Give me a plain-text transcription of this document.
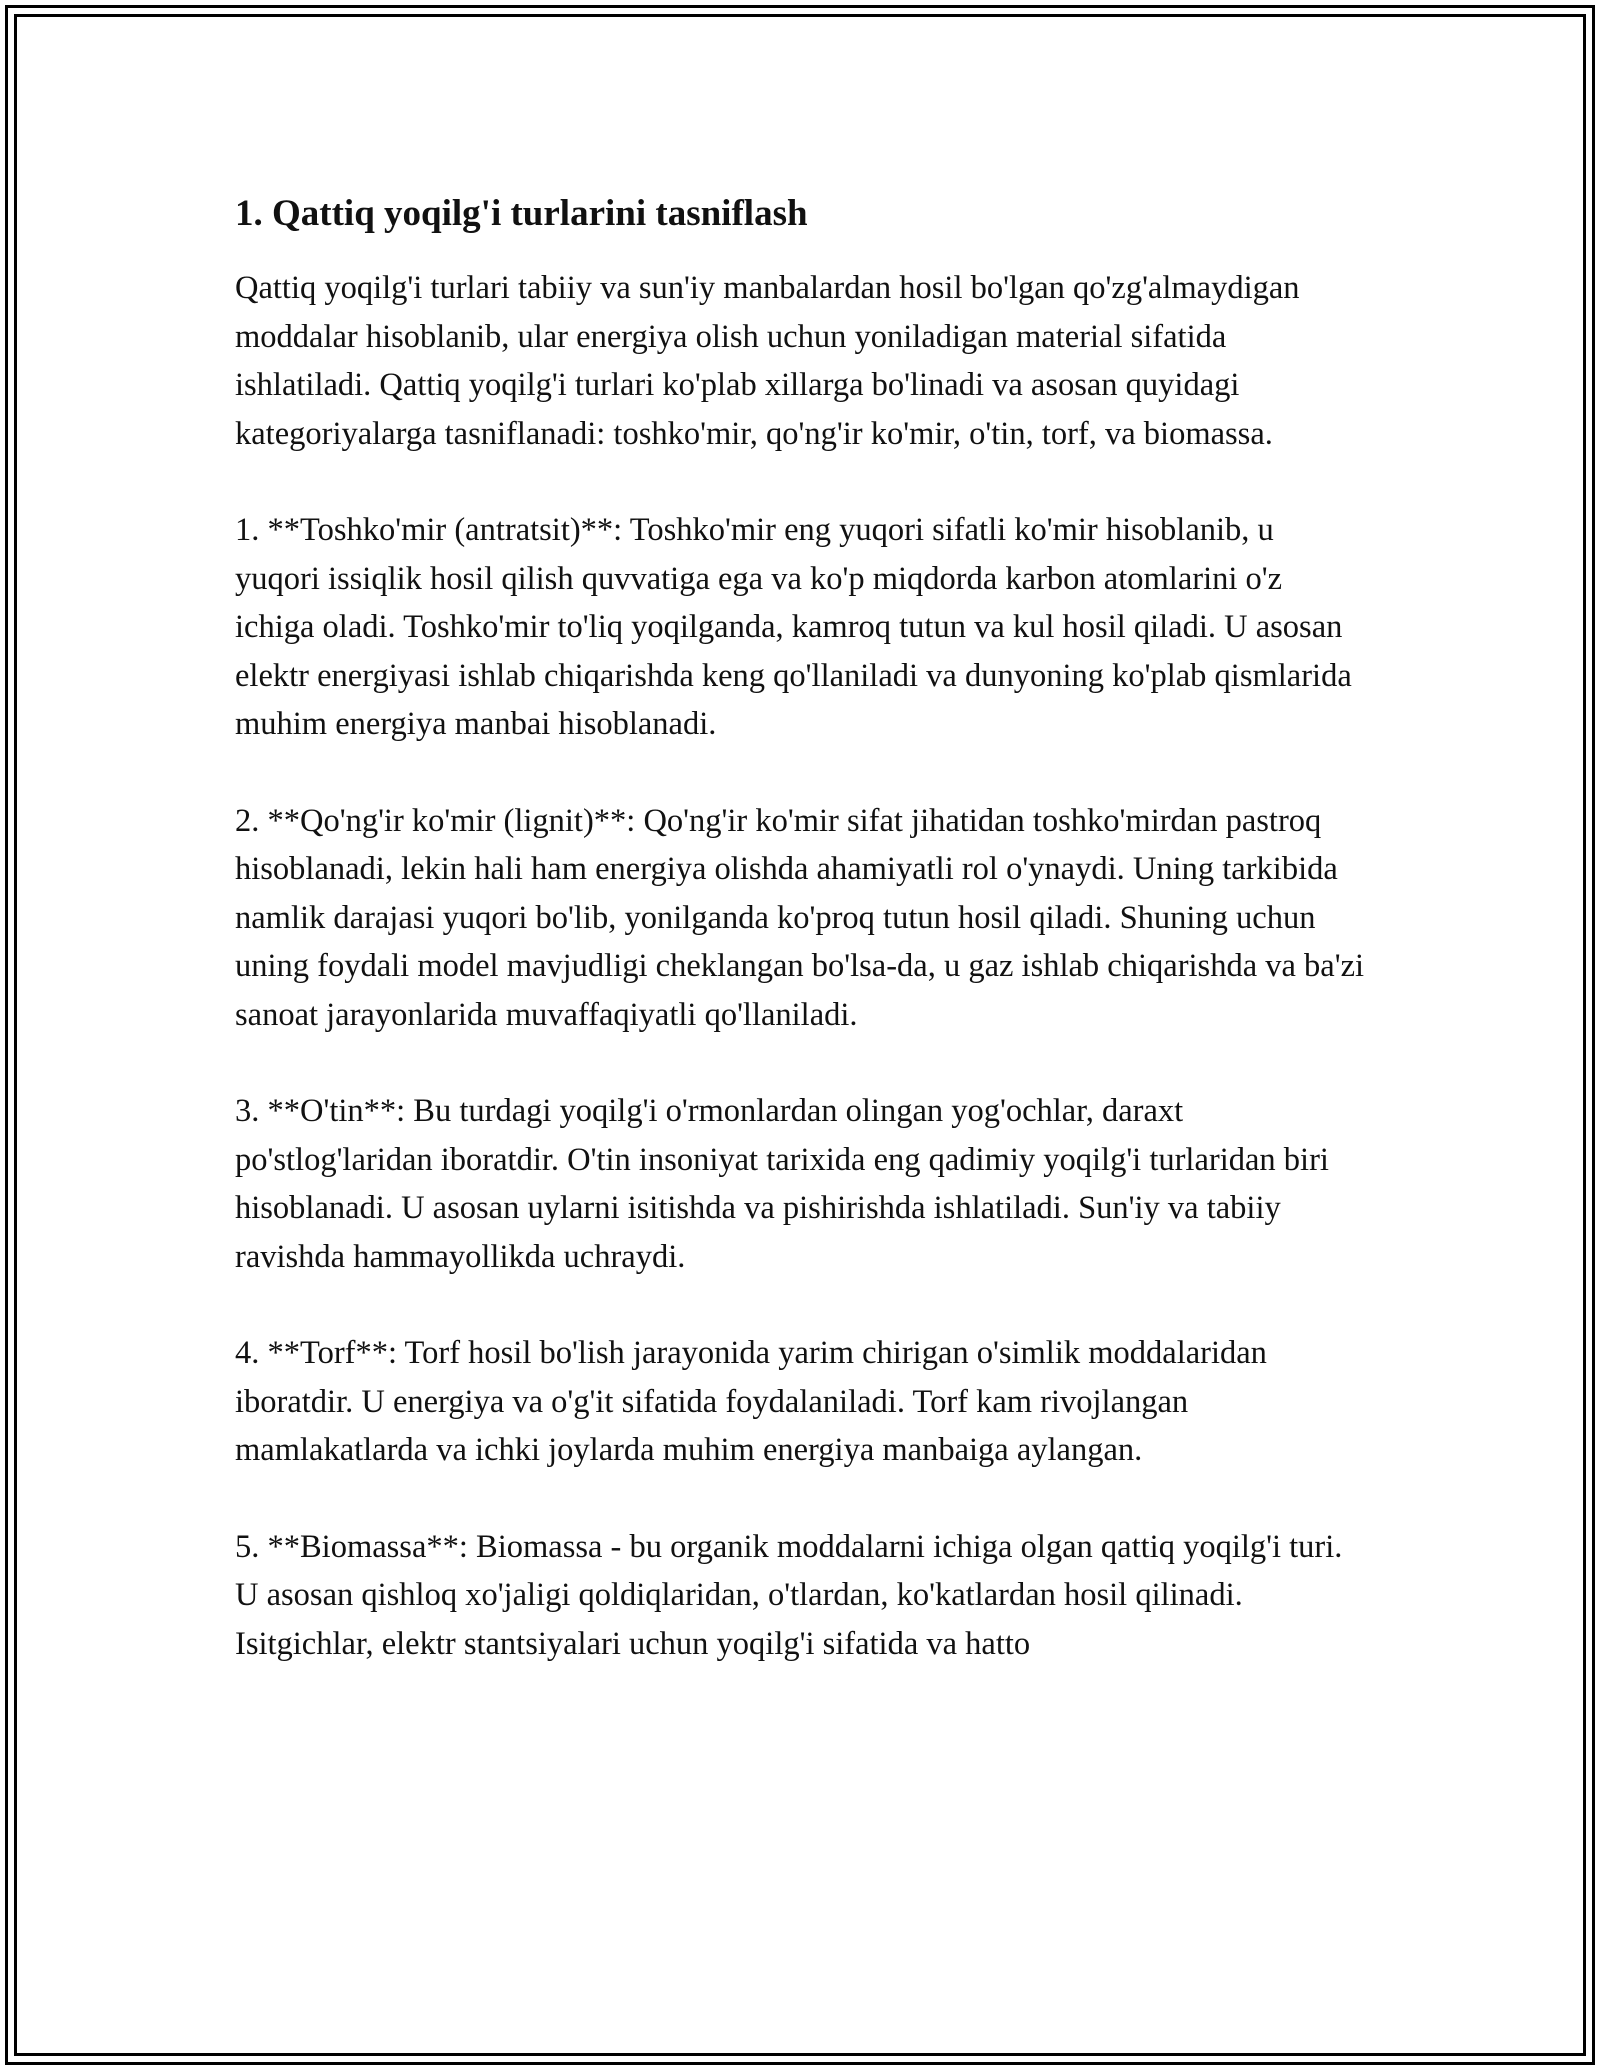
1. Qattiq yoqilg'i turlarini tasniflash

Qattiq yoqilg'i turlari tabiiy va sun'iy manbalardan hosil bo'lgan qo'zg'almaydigan moddalar hisoblanib, ular energiya olish uchun yoniladigan material sifatida ishlatiladi. Qattiq yoqilg'i turlari ko'plab xillarga bo'linadi va asosan quyidagi kategoriyalarga tasniflanadi: toshko'mir, qo'ng'ir ko'mir, o'tin, torf, va biomassa.

1. **Toshko'mir (antratsit)**: Toshko'mir eng yuqori sifatli ko'mir hisoblanib, u yuqori issiqlik hosil qilish quvvatiga ega va ko'p miqdorda karbon atomlarini o'z ichiga oladi. Toshko'mir to'liq yoqilganda, kamroq tutun va kul hosil qiladi. U asosan elektr energiyasi ishlab chiqarishda keng qo'llaniladi va dunyoning ko'plab qismlarida muhim energiya manbai hisoblanadi.

2. **Qo'ng'ir ko'mir (lignit)**: Qo'ng'ir ko'mir sifat jihatidan toshko'mirdan pastroq hisoblanadi, lekin hali ham energiya olishda ahamiyatli rol o'ynaydi. Uning tarkibida namlik darajasi yuqori bo'lib, yonilganda ko'proq tutun hosil qiladi. Shuning uchun uning foydali model mavjudligi cheklangan bo'lsa-da, u gaz ishlab chiqarishda va ba'zi sanoat jarayonlarida muvaffaqiyatli qo'llaniladi.

3. **O'tin**: Bu turdagi yoqilg'i o'rmonlardan olingan yog'ochlar, daraxt po'stlog'laridan iboratdir. O'tin insoniyat tarixida eng qadimiy yoqilg'i turlaridan biri hisoblanadi. U asosan uylarni isitishda va pishirishda ishlatiladi. Sun'iy va tabiiy ravishda hammayollikda uchraydi.

4. **Torf**: Torf hosil bo'lish jarayonida yarim chirigan o'simlik moddalaridan iboratdir. U energiya va o'g'it sifatida foydalaniladi. Torf kam rivojlangan mamlakatlarda va ichki joylarda muhim energiya manbaiga aylangan.

5. **Biomassa**: Biomassa - bu organik moddalarni ichiga olgan qattiq yoqilg'i turi. U asosan qishloq xo'jaligi qoldiqlaridan, o'tlardan, ko'katlardan hosil qilinadi. Isitgichlar, elektr stantsiyalari uchun yoqilg'i sifatida va hatto
